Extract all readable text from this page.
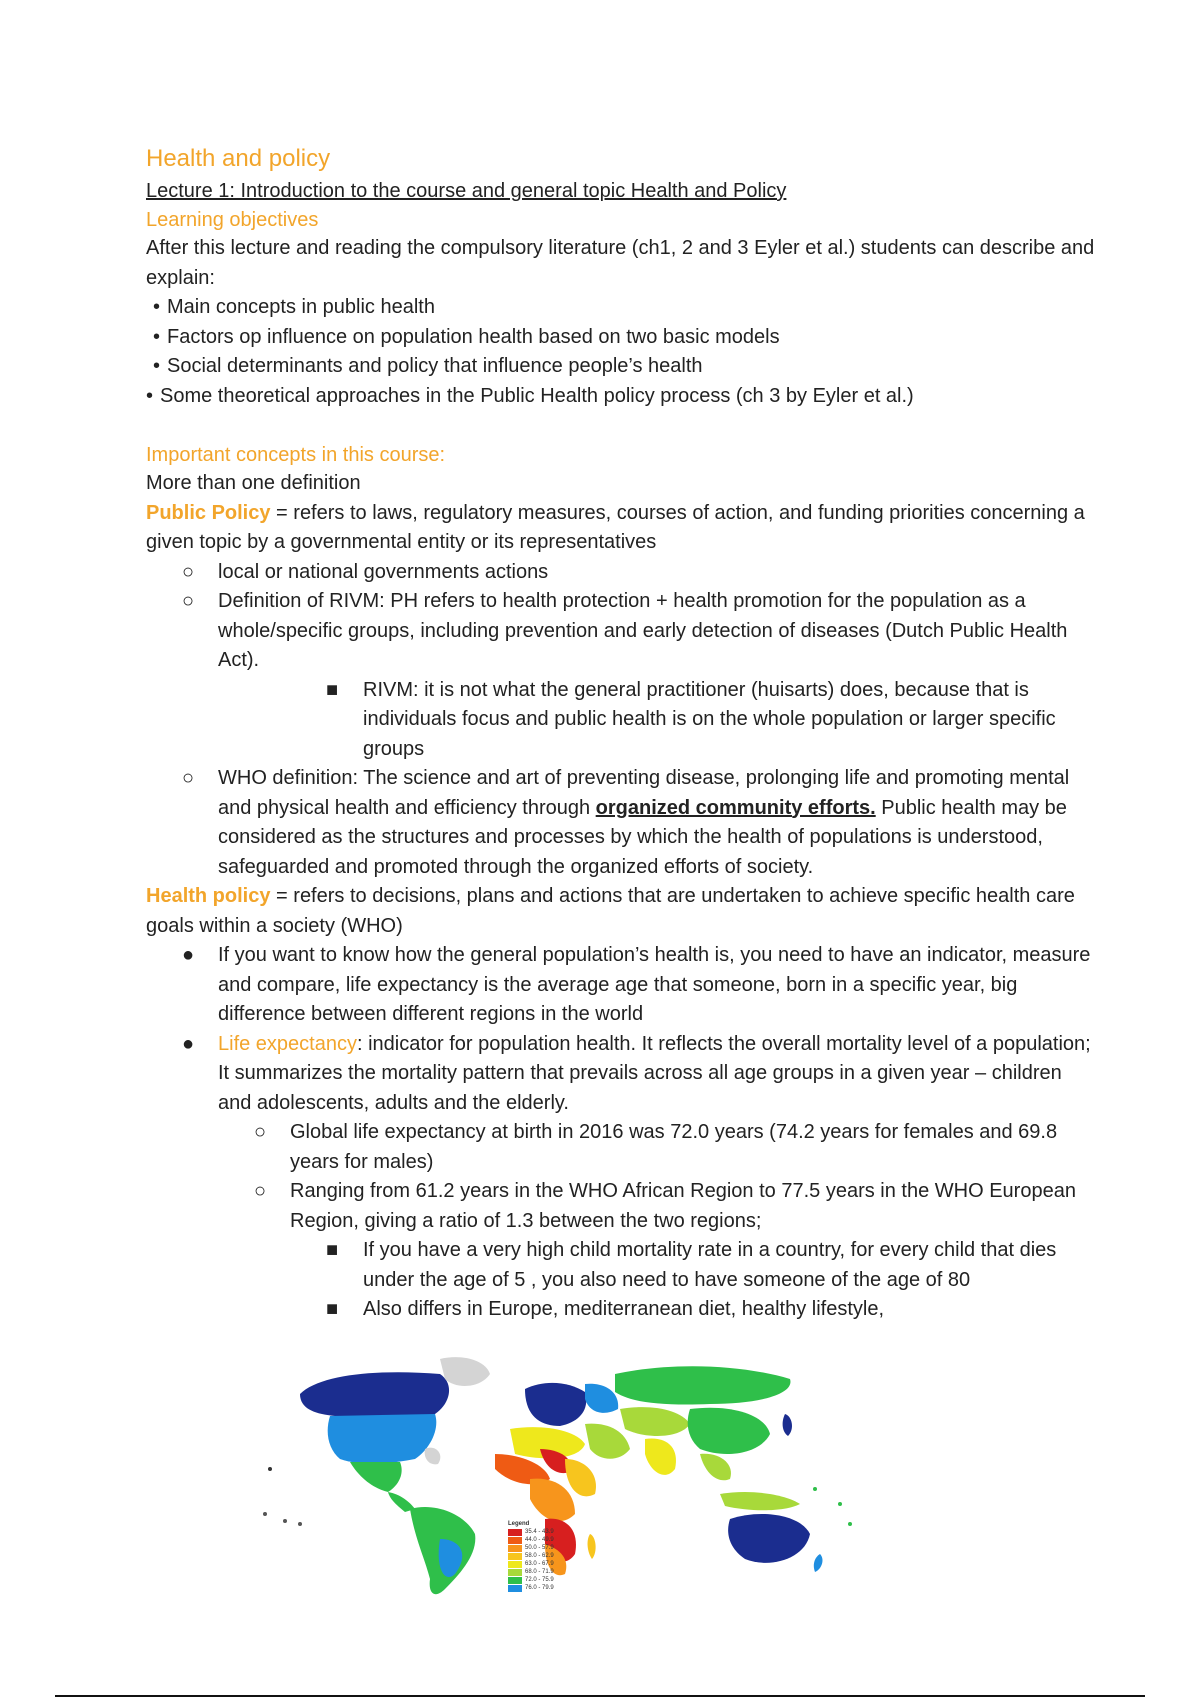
Health and policy
Lecture 1: Introduction to the course and general topic Health and Policy
Learning objectives
After this lecture and reading the compulsory literature (ch1, 2 and 3 Eyler et al.) students can describe and explain:
• Main concepts in public health
• Factors op influence on population health based on two basic models
• Social determinants and policy that influence people’s health
• Some theoretical approaches in the Public Health policy process (ch 3 by Eyler et al.)
Important concepts in this course:
More than one definition
Public Policy = refers to laws, regulatory measures, courses of action, and funding priorities concerning a given topic by a governmental entity or its representatives
○ local or national governments actions
○ Definition of RIVM: PH refers to health protection + health promotion for the population as a whole/specific groups, including prevention and early detection of diseases (Dutch Public Health Act).
■ RIVM: it is not what the general practitioner (huisarts) does, because that is individuals focus and public health is on the whole population or larger specific groups
○ WHO definition: The science and art of preventing disease, prolonging life and promoting mental and physical health and efficiency through organized community efforts. Public health may be considered as the structures and processes by which the health of populations is understood, safeguarded and promoted through the organized efforts of society.
Health policy = refers to decisions, plans and actions that are undertaken to achieve specific health care goals within a society (WHO)
● If you want to know how the general population’s health is, you need to have an indicator, measure and compare, life expectancy is the average age that someone, born in a specific year, big difference between different regions in the world
● Life expectancy: indicator for population health. It reflects the overall mortality level of a population; It summarizes the mortality pattern that prevails across all age groups in a given year – children and adolescents, adults and the elderly.
○ Global life expectancy at birth in 2016 was 72.0 years (74.2 years for females and 69.8 years for males)
○ Ranging from 61.2 years in the WHO African Region to 77.5 years in the WHO European Region, giving a ratio of 1.3 between the two regions;
■ If you have a very high child mortality rate in a country, for every child that dies under the age of 5 , you also need to have someone of the age of 80
■ Also differs in Europe, mediterranean diet, healthy lifestyle,
Legend
35.4 - 43.9
44.0 - 49.9
50.0 - 57.9
58.0 - 62.9
63.0 - 67.9
68.0 - 71.9
72.0 - 75.9
76.0 - 79.9
